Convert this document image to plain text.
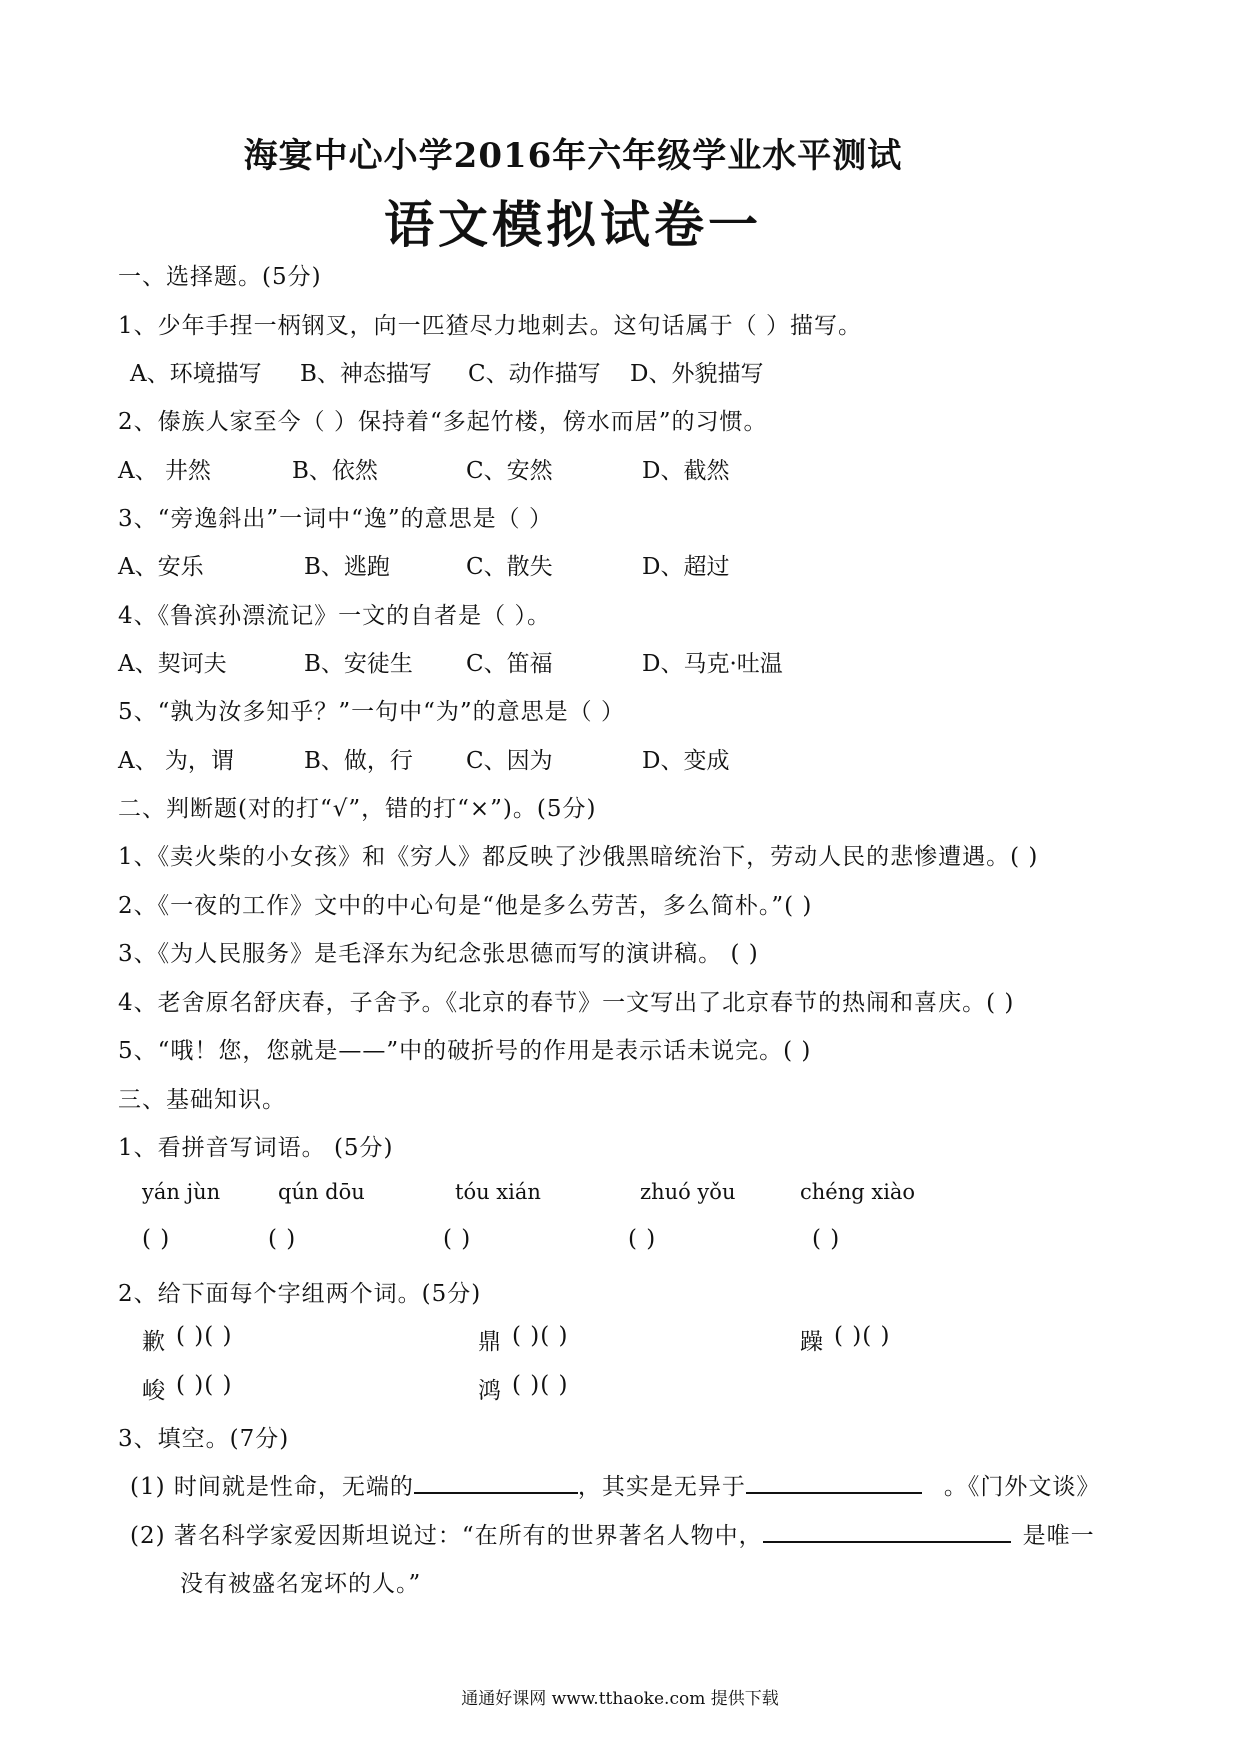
海宴中心小学2016年六年级学业水平测试
语文模拟试卷一
一、选择题。(5分)
1、少年手捏一柄钢叉，向一匹猹尽力地刺去。这句话属于（ ）描写。
A、环境描写 B、神态描写 C、动作描写 D、外貌描写
2、傣族人家至今（ ）保持着“多起竹楼，傍水而居”的习惯。
A、 井然	B、依然	C、安然	D、截然
3、“旁逸斜出”一词中“逸”的意思是（ ）
A、安乐	B、逃跑	C、散失	D、超过
4、《鲁滨孙漂流记》一文的自者是（ ）。
A、契诃夫	B、安徒生 C、笛福	D、马克·吐温
5、“孰为汝多知乎？”一句中“为”的意思是（ ）
A、 为，谓	B、做，行 C、因为	D、变成
二、判断题(对的打“√”，错的打“×”)。(5分)
1、《卖火柴的小女孩》和《穷人》都反映了沙俄黑暗统治下，劳动人民的悲惨遭遇。( )
2、《一夜的工作》文中的中心句是“他是多么劳苦，多么简朴。”( )
3、《为人民服务》是毛泽东为纪念张思德而写的演讲稿。 ( )
4、老舍原名舒庆春，子舍予。《北京的春节》一文写出了北京春节的热闹和喜庆。( )
5、“哦！您，您就是——”中的破折号的作用是表示话未说完。( )
三、基础知识。
1、看拼音写词语。 (5分)
yán jùn	qún dōu	tóu xián	zhuó yǒu	chéng xiào
( )	( )	( )	( )	( )
2、给下面每个字组两个词。(5分)
歉 ( )( )	鼎 ( )( )	躁 ( )( )
峻 ( )( )	鸿 ( )( )
3、填空。(7分)
(1) 时间就是性命，无端的	，其实是无异于	。《门外文谈》
(2) 著名科学家爱因斯坦说过：“在所有的世界著名人物中，	是唯一
没有被盛名宠坏的人。”
通通好课网 www.tthaoke.com 提供下载
